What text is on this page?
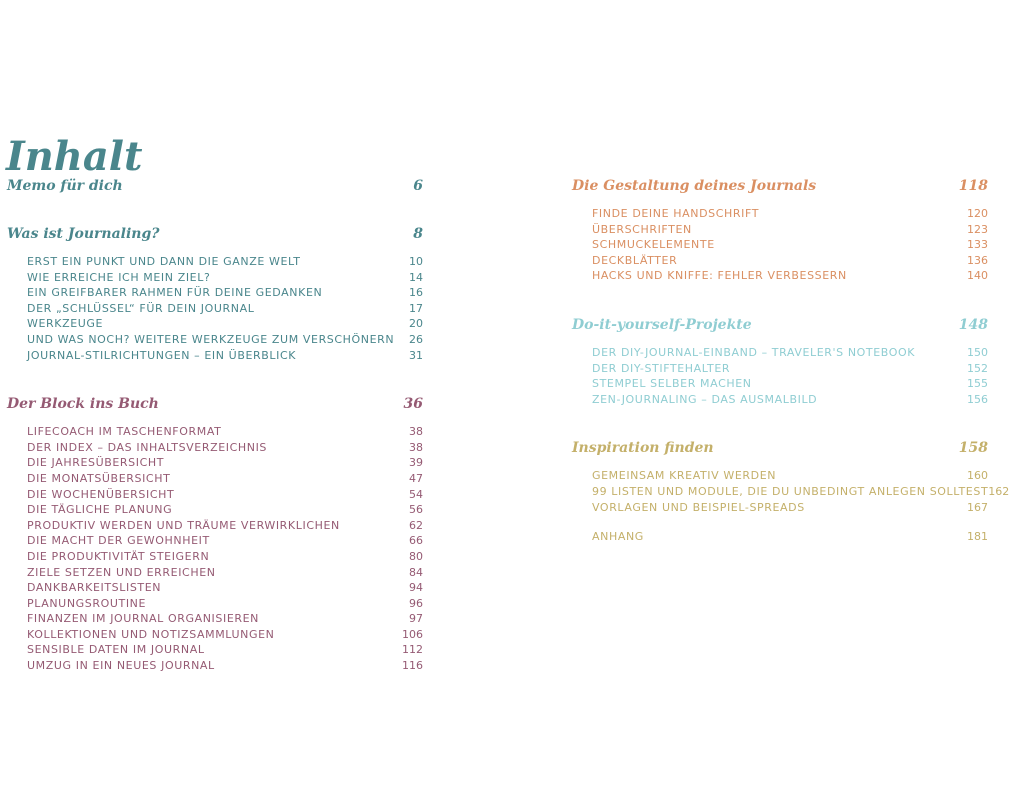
Inhalt
Memo für dich	6
Was ist Journaling?	8
ERST EIN PUNKT UND DANN DIE GANZE WELT	10
WIE ERREICHE ICH MEIN ZIEL?	14
EIN GREIFBARER RAHMEN FÜR DEINE GEDANKEN	16
DER „SCHLÜSSEL“ FÜR DEIN JOURNAL	17
WERKZEUGE	20
UND WAS NOCH? WEITERE WERKZEUGE ZUM VERSCHÖNERN 26
JOURNAL-STILRICHTUNGEN – EIN ÜBERBLICK	31
Der Block ins Buch	36
LIFECOACH IM TASCHENFORMAT	38
DER INDEX – DAS INHALTSVERZEICHNIS	38
DIE JAHRESÜBERSICHT	39
DIE MONATSÜBERSICHT	47
DIE WOCHENÜBERSICHT	54
DIE TÄGLICHE PLANUNG	56
PRODUKTIV WERDEN UND TRÄUME VERWIRKLICHEN	62
DIE MACHT DER GEWOHNHEIT	66
DIE PRODUKTIVITÄT STEIGERN	80
ZIELE SETZEN UND ERREICHEN	84
DANKBARKEITSLISTEN	94
PLANUNGSROUTINE	96
FINANZEN IM JOURNAL ORGANISIEREN	97
KOLLEKTIONEN UND NOTIZSAMMLUNGEN	106
SENSIBLE DATEN IM JOURNAL	112
UMZUG IN EIN NEUES JOURNAL	116
Die Gestaltung deines Journals	118
FINDE DEINE HANDSCHRIFT	120
ÜBERSCHRIFTEN	123
SCHMUCKELEMENTE	133
DECKBLÄTTER	136
HACKS UND KNIFFE: FEHLER VERBESSERN	140
Do-it-yourself-Projekte	148
DER DIY-JOURNAL-EINBAND – TRAVELER'S NOTEBOOK	150
DER DIY-STIFTEHALTER	152
STEMPEL SELBER MACHEN	155
ZEN-JOURNALING – DAS AUSMALBILD	156
Inspiration finden	158
GEMEINSAM KREATIV WERDEN	160
99 LISTEN UND MODULE, DIE DU UNBEDINGT ANLEGEN SOLLTEST 162
VORLAGEN UND BEISPIEL-SPREADS	167
ANHANG	181
